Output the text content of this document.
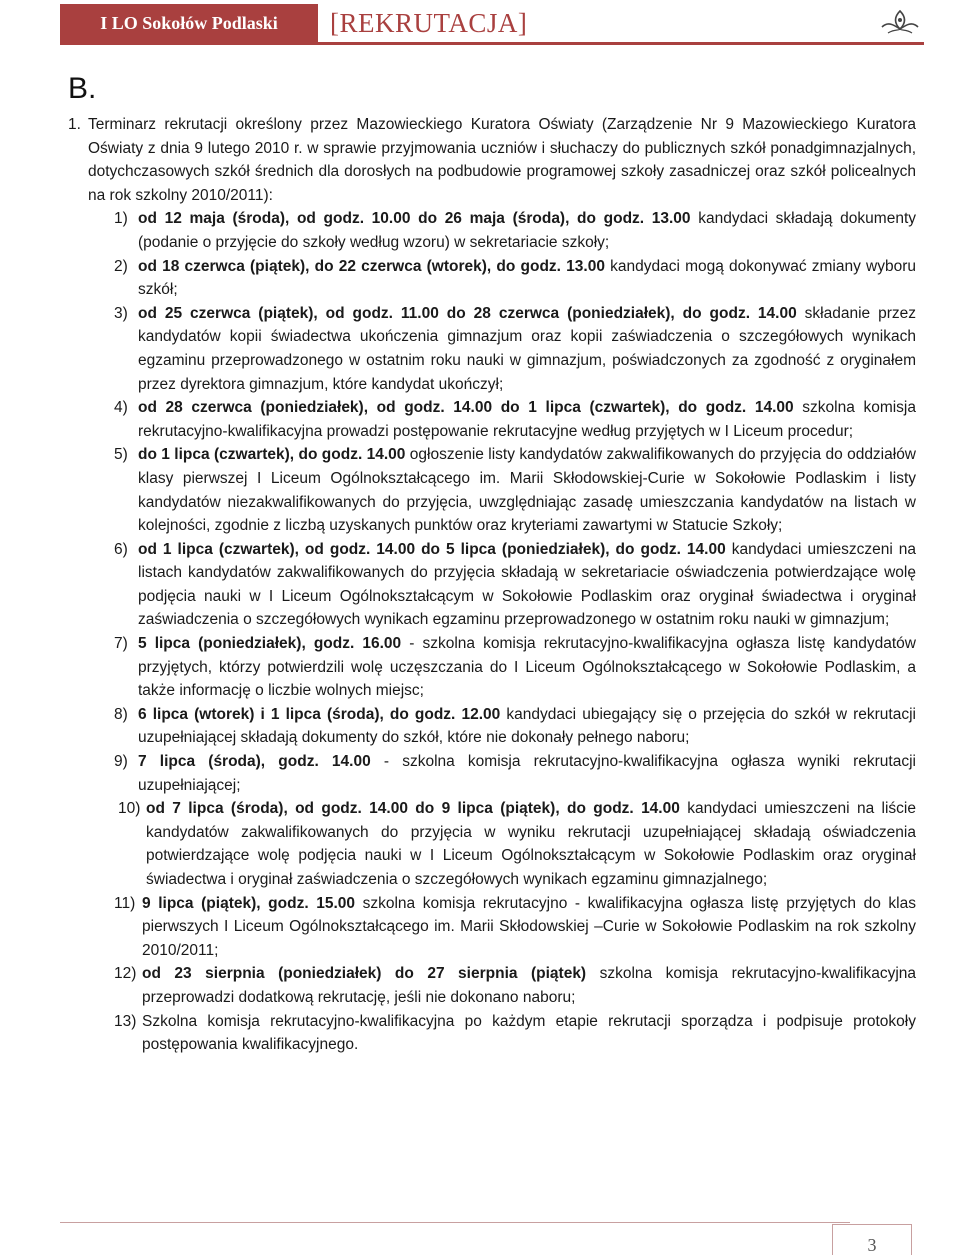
I LO Sokołów Podlaski	[REKRUTACJA]
B.
1. Terminarz rekrutacji określony przez Mazowieckiego Kuratora Oświaty (Zarządzenie Nr 9 Mazowieckiego Kuratora Oświaty z dnia 9 lutego 2010 r. w sprawie przyjmowania uczniów i słuchaczy do publicznych szkół ponadgimnazjalnych, dotychczasowych szkół średnich dla dorosłych na podbudowie programowej szkoły zasadniczej oraz szkół policealnych na rok szkolny 2010/2011):
1) od 12 maja (środa), od godz. 10.00 do 26 maja (środa), do godz. 13.00 kandydaci składają dokumenty (podanie o przyjęcie do szkoły według wzoru) w sekretariacie szkoły;
2) od 18 czerwca (piątek), do 22 czerwca (wtorek), do godz. 13.00 kandydaci mogą dokonywać zmiany wyboru szkół;
3) od 25 czerwca (piątek), od godz. 11.00 do 28 czerwca (poniedziałek), do godz. 14.00 składanie przez kandydatów kopii świadectwa ukończenia gimnazjum oraz kopii zaświadczenia o szczegółowych wynikach egzaminu przeprowadzonego w ostatnim roku nauki w gimnazjum, poświadczonych za zgodność z oryginałem przez dyrektora gimnazjum, które kandydat ukończył;
4) od 28 czerwca (poniedziałek), od godz. 14.00 do 1 lipca (czwartek), do godz. 14.00 szkolna komisja rekrutacyjno-kwalifikacyjna prowadzi postępowanie rekrutacyjne według przyjętych w I Liceum procedur;
5) do 1 lipca (czwartek), do godz. 14.00 ogłoszenie listy kandydatów zakwalifikowanych do przyjęcia do oddziałów klasy pierwszej I Liceum Ogólnokształcącego im. Marii Skłodowskiej-Curie w Sokołowie Podlaskim i listy kandydatów niezakwalifikowanych do przyjęcia, uwzględniając zasadę umieszczania kandydatów na listach w kolejności, zgodnie z liczbą uzyskanych punktów oraz kryteriami zawartymi w Statucie Szkoły;
6) od 1 lipca (czwartek), od godz. 14.00 do 5 lipca (poniedziałek), do godz. 14.00 kandydaci umieszczeni na listach kandydatów zakwalifikowanych do przyjęcia składają w sekretariacie oświadczenia potwierdzające wolę podjęcia nauki w I Liceum Ogólnokształcącym w Sokołowie Podlaskim oraz oryginał świadectwa i oryginał zaświadczenia o szczegółowych wynikach egzaminu przeprowadzonego w ostatnim roku nauki w gimnazjum;
7) 5 lipca (poniedziałek), godz. 16.00 - szkolna komisja rekrutacyjno-kwalifikacyjna ogłasza listę kandydatów przyjętych, którzy potwierdzili wolę uczęszczania do I Liceum Ogólnokształcącego w Sokołowie Podlaskim, a także informację o liczbie wolnych miejsc;
8) 6 lipca (wtorek) i 1 lipca (środa), do godz. 12.00 kandydaci ubiegający się o przejęcia do szkół w rekrutacji uzupełniającej składają dokumenty do szkół, które nie dokonały pełnego naboru;
9) 7 lipca (środa), godz. 14.00 - szkolna komisja rekrutacyjno-kwalifikacyjna ogłasza wyniki rekrutacji uzupełniającej;
10) od 7 lipca (środa), od godz. 14.00 do 9 lipca (piątek), do godz. 14.00 kandydaci umieszczeni na liście kandydatów zakwalifikowanych do przyjęcia w wyniku rekrutacji uzupełniającej składają oświadczenia potwierdzające wolę podjęcia nauki w I Liceum Ogólnokształcącym w Sokołowie Podlaskim oraz oryginał świadectwa i oryginał zaświadczenia o szczegółowych wynikach egzaminu gimnazjalnego;
11) 9 lipca (piątek), godz. 15.00 szkolna komisja rekrutacyjno - kwalifikacyjna ogłasza listę przyjętych do klas pierwszych I Liceum Ogólnokształcącego im. Marii Skłodowskiej –Curie w Sokołowie Podlaskim na rok szkolny 2010/2011;
12) od 23 sierpnia (poniedziałek) do 27 sierpnia (piątek) szkolna komisja rekrutacyjno-kwalifikacyjna przeprowadzi dodatkową rekrutację, jeśli nie dokonano naboru;
13) Szkolna komisja rekrutacyjno-kwalifikacyjna po każdym etapie rekrutacji sporządza i podpisuje protokoły postępowania kwalifikacyjnego.
3
